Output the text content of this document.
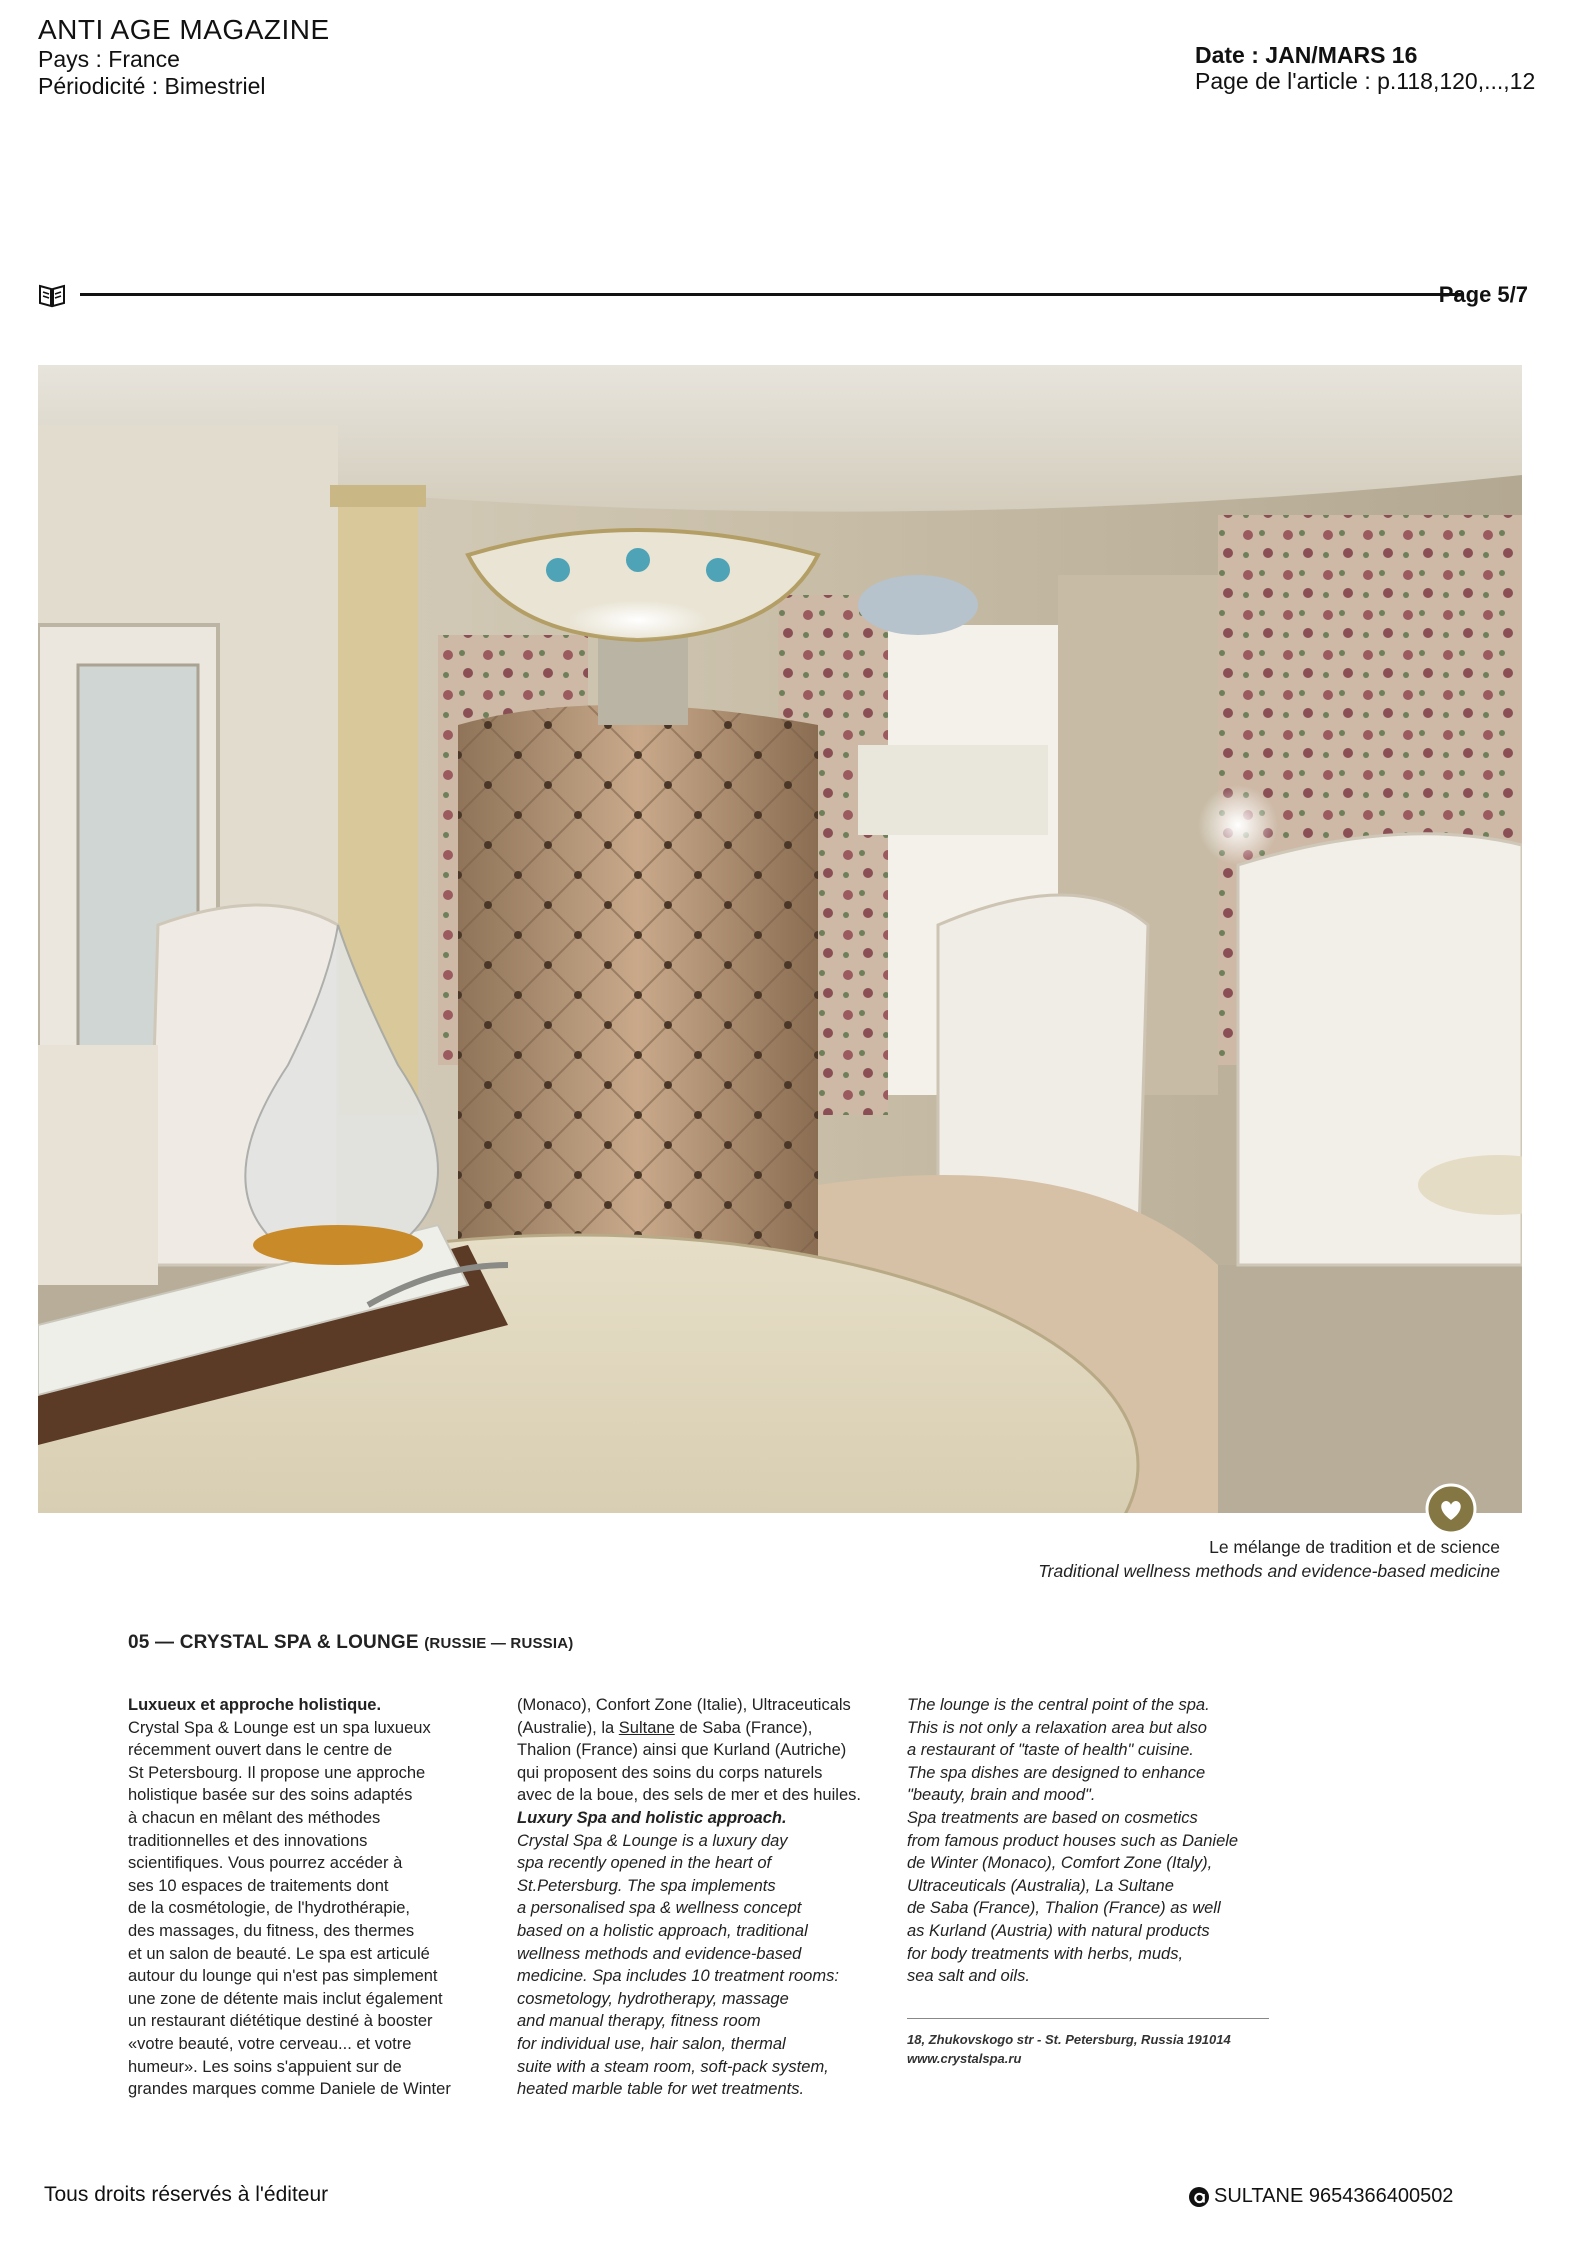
ANTI AGE MAGAZINE
Pays : France
Périodicité : Bimestriel
Date : JAN/MARS 16
Page de l'article : p.118,120,...,12
Page 5/7
Le mélange de tradition et de science
Traditional wellness methods and evidence-based medicine
05 — CRYSTAL SPA & LOUNGE (RUSSIE — RUSSIA)

Luxueux et approche holistique.

Crystal Spa & Lounge est un spa luxueux

récemment ouvert dans le centre de

St Petersbourg. Il propose une approche

holistique basée sur des soins adaptés

à chacun en mêlant des méthodes

traditionnelles et des innovations

scientifiques. Vous pourrez accéder à

ses 10 espaces de traitements dont

de la cosmétologie, de l'hydrothérapie,

des massages, du fitness, des thermes

et un salon de beauté. Le spa est articulé

autour du lounge qui n'est pas simplement

une zone de détente mais inclut également

un restaurant diététique destiné à booster

«votre beauté, votre cerveau... et votre

humeur». Les soins s'appuient sur de

grandes marques comme Daniele de Winter

(Monaco), Confort Zone (Italie), Ultraceuticals

(Australie), la Sultane de Saba (France),

Thalion (France) ainsi que Kurland (Autriche)

qui proposent des soins du corps naturels

avec de la boue, des sels de mer et des huiles.

Luxury Spa and holistic approach.

Crystal Spa & Lounge is a luxury day

spa recently opened in the heart of

St.Petersburg. The spa implements

a personalised spa & wellness concept

based on a holistic approach, traditional

wellness methods and evidence-based

medicine. Spa includes 10 treatment rooms:

cosmetology, hydrotherapy, massage

and manual therapy, fitness room

for individual use, hair salon, thermal

suite with a steam room, soft-pack system,

heated marble table for wet treatments.

The lounge is the central point of the spa.

This is not only a relaxation area but also

a restaurant of "taste of health" cuisine.

The spa dishes are designed to enhance

"beauty, brain and mood".

Spa treatments are based on cosmetics

from famous product houses such as Daniele

de Winter (Monaco), Comfort Zone (Italy),

Ultraceuticals (Australia), La Sultane

de Saba (France), Thalion (France) as well

as Kurland (Austria) with natural products

for body treatments with herbs, muds,

sea salt and oils.

18, Zhukovskogo str - St. Petersburg, Russia 191014
www.crystalspa.ru
Tous droits réservés à l'éditeur	SULTANE 9654366400502
